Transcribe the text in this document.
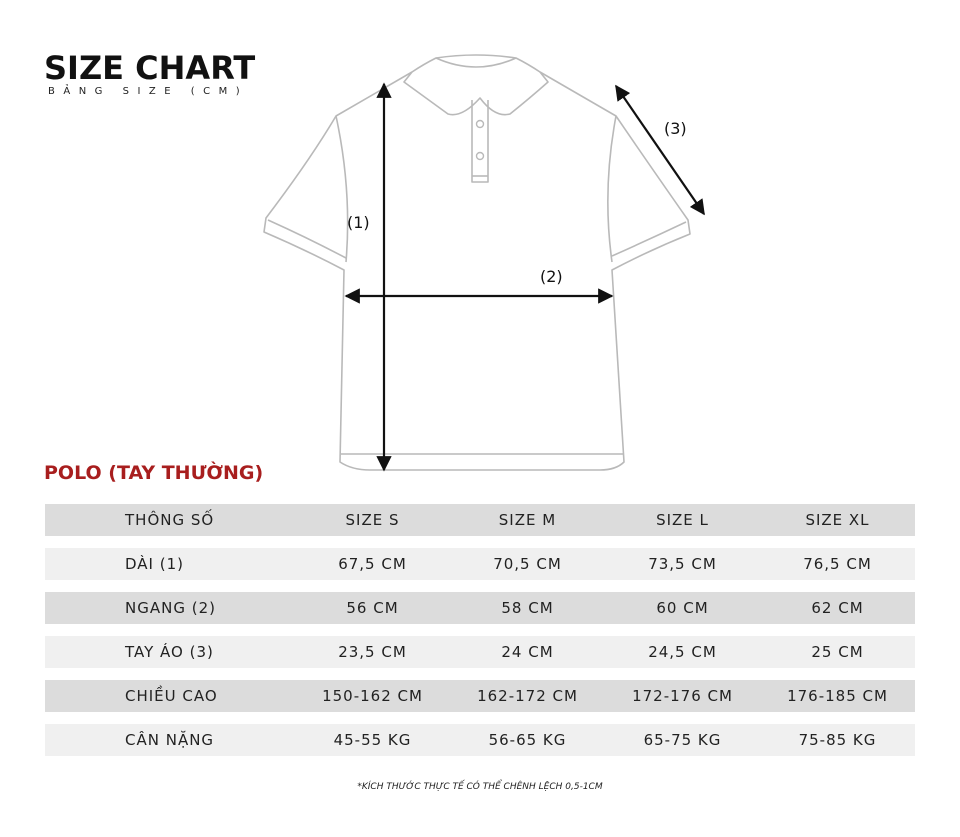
SIZE CHART
BẢNG SIZE (CM)
(1)
(2)
(3)
POLO (TAY THƯỜNG)
THÔNG SỐ	SIZE S	SIZE M	SIZE L	SIZE XL
DÀI (1)	67,5 CM	70,5 CM	73,5 CM	76,5 CM
NGANG (2)	56 CM	58 CM	60 CM	62 CM
TAY ÁO (3)	23,5 CM	24 CM	24,5 CM	25 CM
CHIỀU CAO	150-162 CM	162-172 CM	172-176 CM	176-185 CM
CÂN NẶNG	45-55 KG	56-65 KG	65-75 KG	75-85 KG
*KÍCH THƯỚC THỰC TẾ CÓ THỂ CHÊNH LỆCH 0,5-1CM
